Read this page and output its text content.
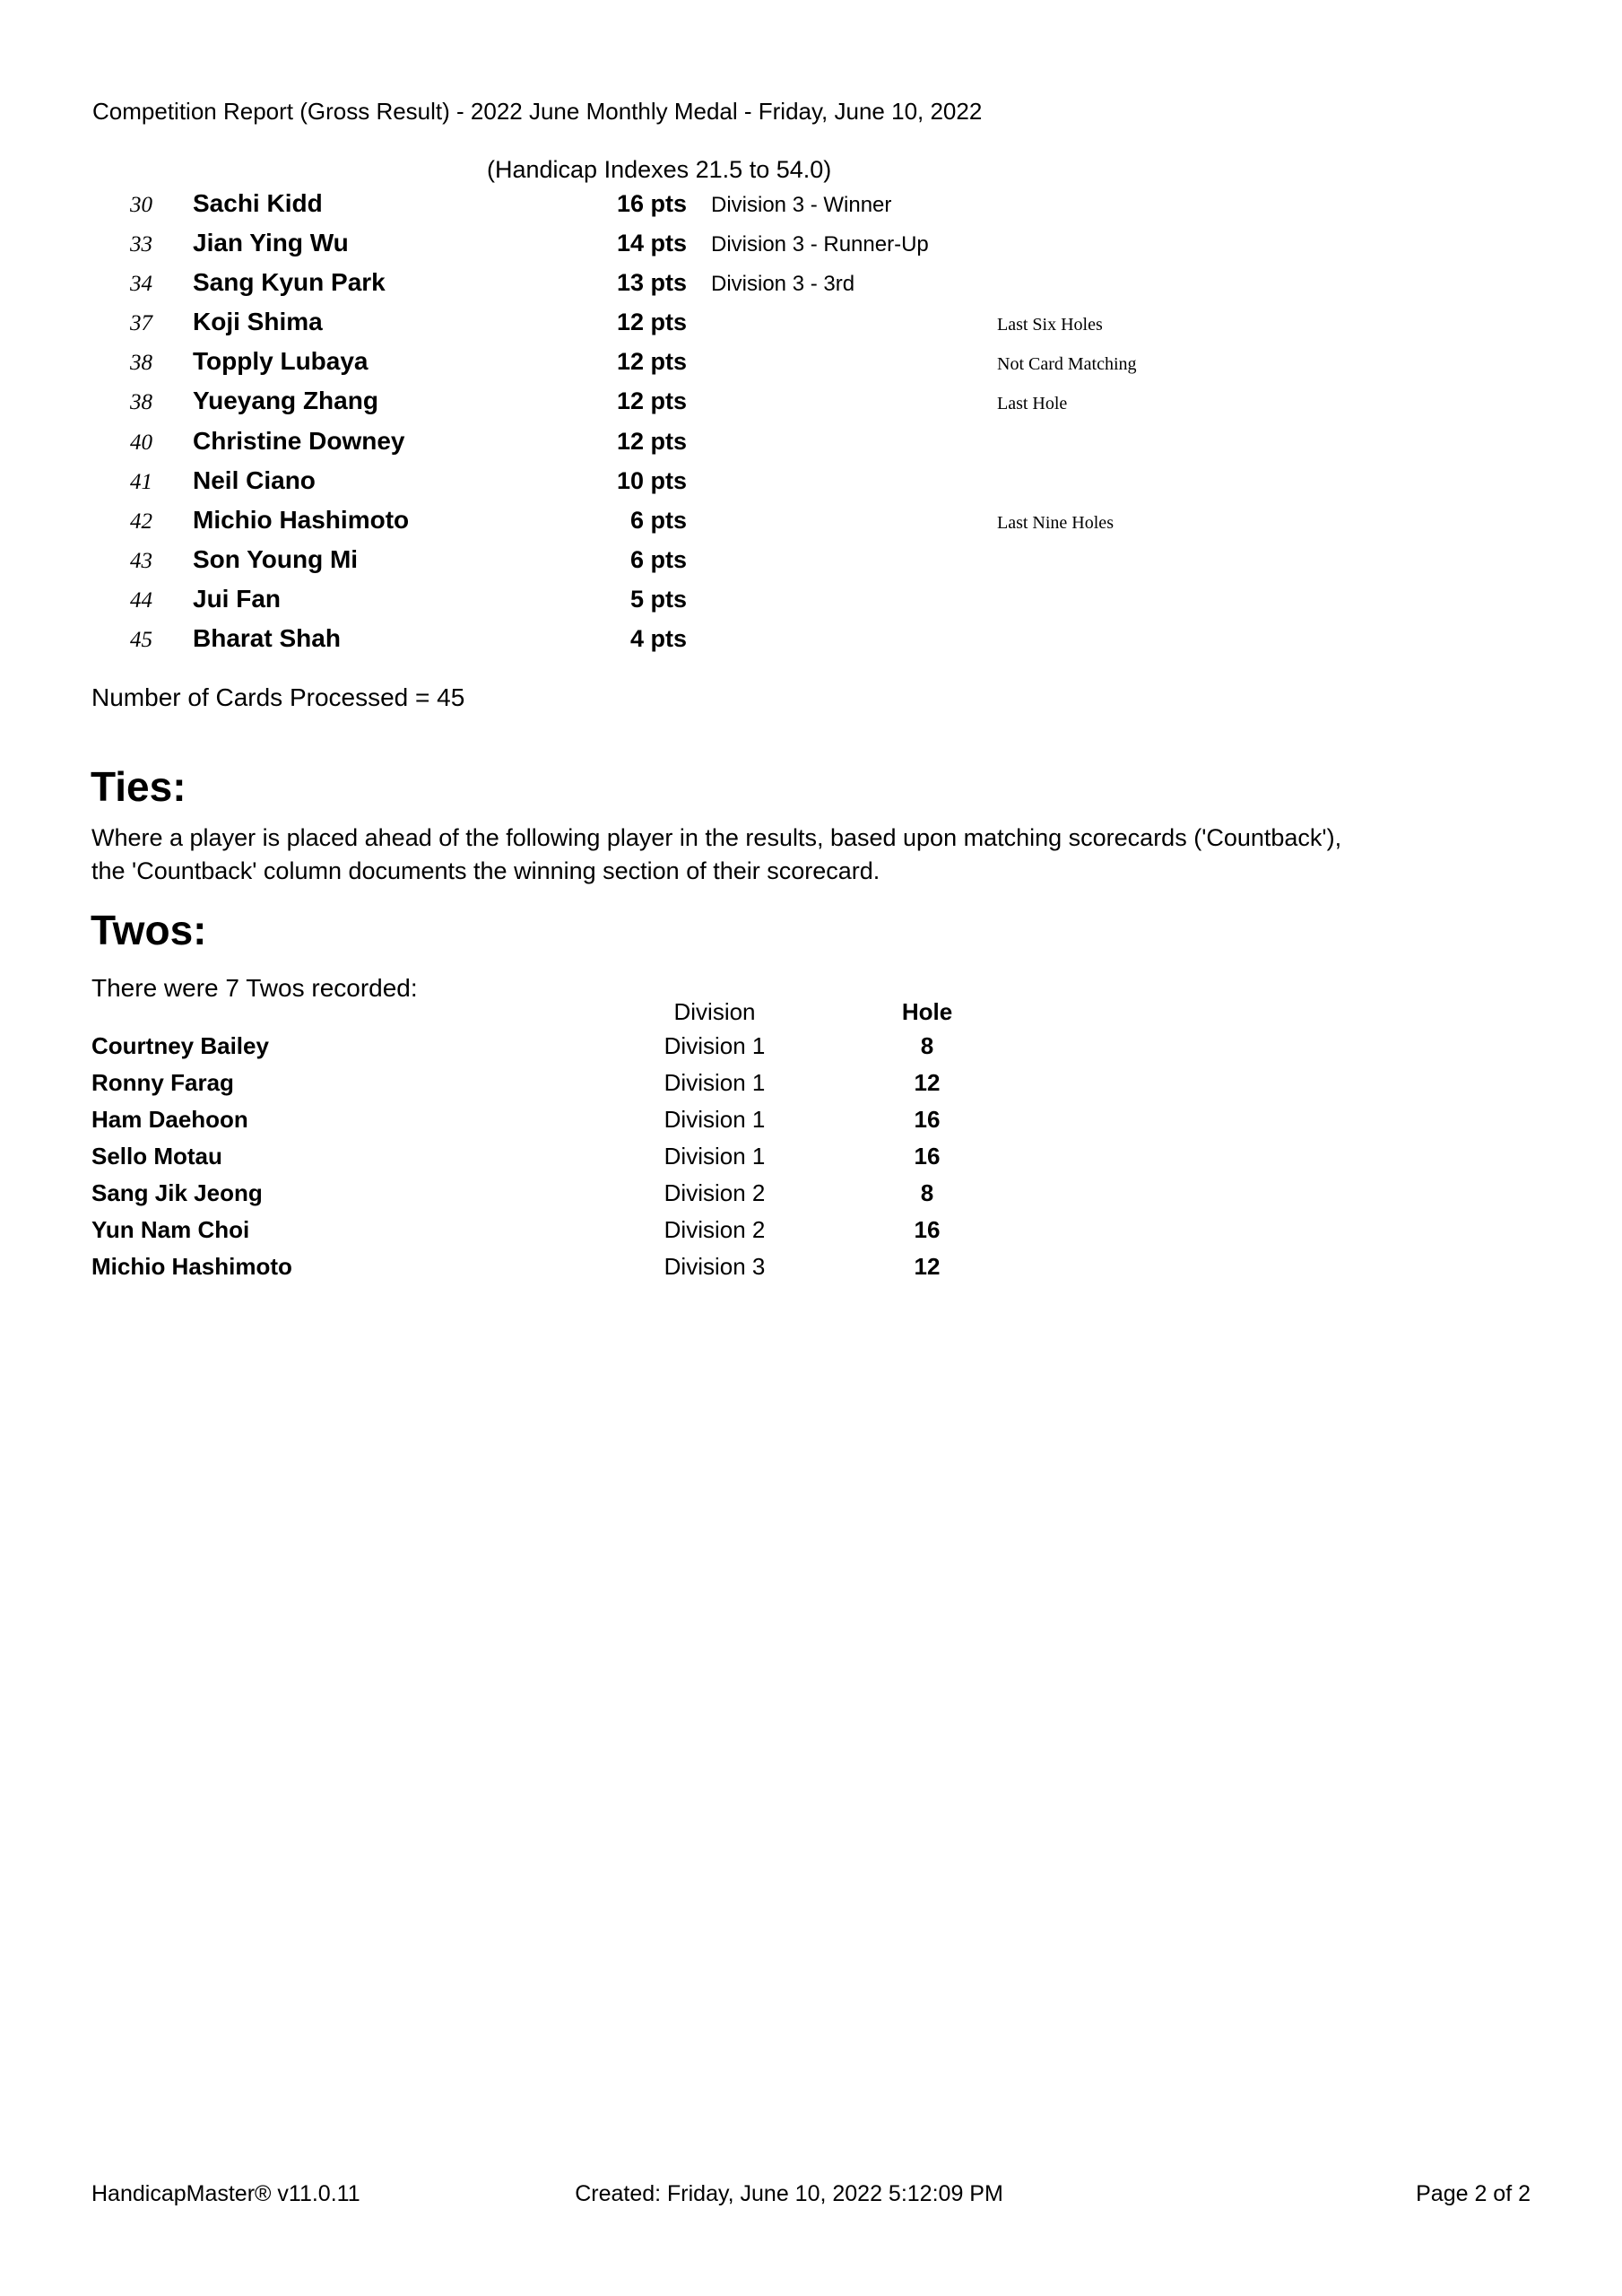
Competition Report (Gross Result) - 2022 June Monthly Medal - Friday, June 10, 2022
(Handicap Indexes 21.5 to 54.0)
30 Sachi Kidd	16 pts Division 3 - Winner
33 Jian Ying Wu	14 pts Division 3 - Runner-Up
34 Sang Kyun Park	13 pts Division 3 - 3rd
37 Koji Shima	12 pts	Last Six Holes
38 Topply Lubaya	12 pts	Not Card Matching
38 Yueyang Zhang	12 pts	Last Hole
40 Christine Downey	12 pts
41 Neil Ciano	10 pts
42 Michio Hashimoto	6 pts	Last Nine Holes
43 Son Young Mi	6 pts
44 Jui Fan	5 pts
45 Bharat Shah	4 pts
Number of Cards Processed = 45
Ties:
Where a player is placed ahead of the following player in the results, based upon matching scorecards ('Countback'),
the 'Countback' column documents the winning section of their scorecard.
Twos:
There were 7 Twos recorded:
Division	Hole
Courtney Bailey	Division 1	8
Ronny Farag	Division 1	12
Ham Daehoon	Division 1	16
Sello Motau	Division 1	16
Sang Jik Jeong	Division 2	8
Yun Nam Choi	Division 2	16
Michio Hashimoto	Division 3	12
HandicapMaster® v11.0.11	Created: Friday, June 10, 2022 5:12:09 PM	Page 2 of 2
